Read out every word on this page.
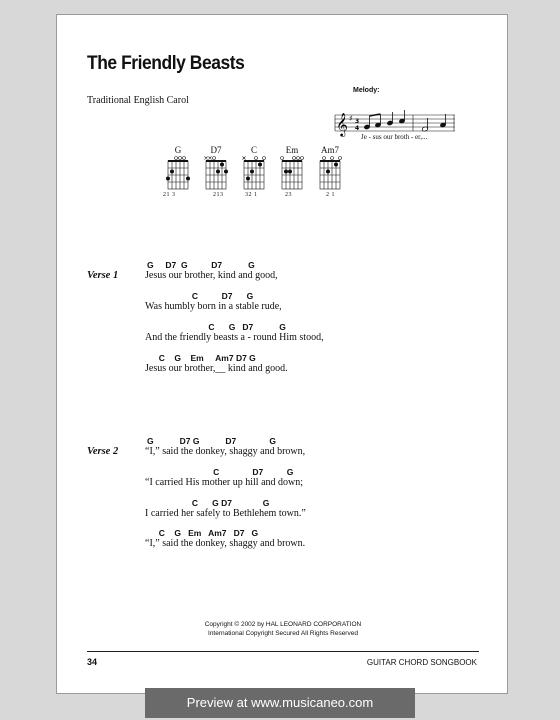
The Friendly Beasts
Traditional English Carol
𝄞 ♯ 3
4
Melody:
Je - sus our broth - er,...
G
21 3
D7
213
C
32 1
Em
23
Am7
2 1
Verse 1
G     D7  G          D7           G
Jesus our brother, kind and good,
C          D7      G
Was humbly born in a stable rude,
C      G   D7           G
And the friendly beasts a - round Him stood,
C    G    Em     Am7 D7 G
Jesus our brother,__ kind and good.
Verse 2
G           D7 G           D7              G
“I,” said the donkey, shaggy and brown,
C              D7          G
“I carried His mother up hill and down;
C      G D7             G
I carried her safely to Bethlehem town.”
C    G   Em   Am7   D7   G
“I,” said the donkey, shaggy and brown.
Copyright © 2002 by HAL LEONARD CORPORATION
International Copyright Secured All Rights Reserved
34	GUITAR CHORD SONGBOOK
Preview at www.musicaneo.com
